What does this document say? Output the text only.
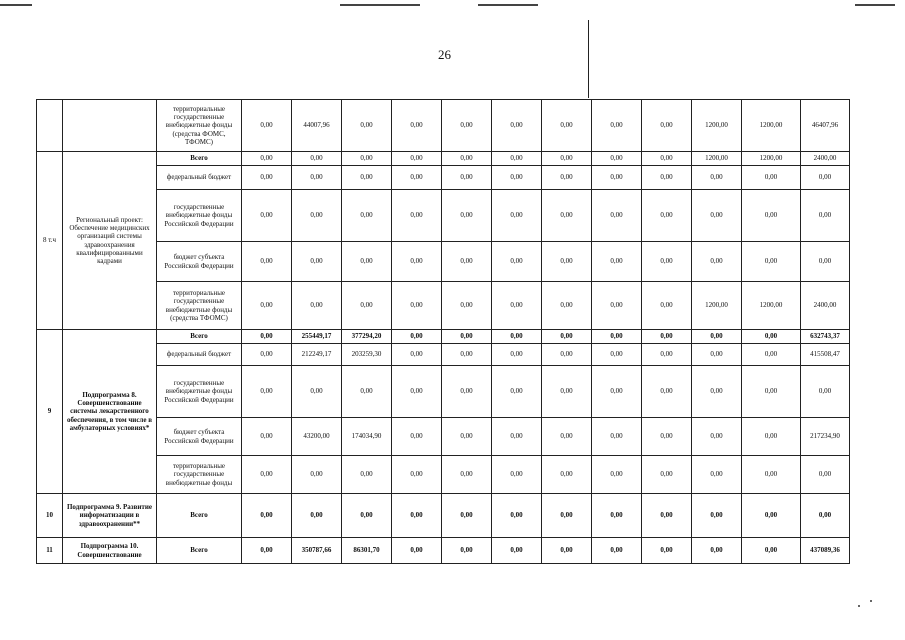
26
		территориальные государственные внебюджетные фонды (средства ФОМС, ТФОМС)	0,00	44007,96	0,00	0,00	0,00	0,00	0,00	0,00	0,00	1200,00	1200,00	46407,96
8 т.ч	Региональный проект: Обеспечение медицинских организаций системы здравоохранения квалифицированными кадрами	Всего	0,00	0,00	0,00	0,00	0,00	0,00	0,00	0,00	0,00	1200,00	1200,00	2400,00
		федеральный бюджет	0,00	0,00	0,00	0,00	0,00	0,00	0,00	0,00	0,00	0,00	0,00	0,00
		государственные внебюджетные фонды Российской Федерации	0,00	0,00	0,00	0,00	0,00	0,00	0,00	0,00	0,00	0,00	0,00	0,00
		бюджет субъекта Российской Федерации	0,00	0,00	0,00	0,00	0,00	0,00	0,00	0,00	0,00	0,00	0,00	0,00
		территориальные государственные внебюджетные фонды (средства ТФОМС)	0,00	0,00	0,00	0,00	0,00	0,00	0,00	0,00	0,00	1200,00	1200,00	2400,00
9	Подпрограмма 8. Совершенствование системы лекарственного обеспечения, в том числе в амбулаторных условиях*	Всего	0,00	255449,17	377294,20	0,00	0,00	0,00	0,00	0,00	0,00	0,00	0,00	632743,37
		федеральный бюджет	0,00	212249,17	203259,30	0,00	0,00	0,00	0,00	0,00	0,00	0,00	0,00	415508,47
		государственные внебюджетные фонды Российской Федерации	0,00	0,00	0,00	0,00	0,00	0,00	0,00	0,00	0,00	0,00	0,00	0,00
		бюджет субъекта Российской Федерации	0,00	43200,00	174034,90	0,00	0,00	0,00	0,00	0,00	0,00	0,00	0,00	217234,90
		территориальные государственные внебюджетные фонды	0,00	0,00	0,00	0,00	0,00	0,00	0,00	0,00	0,00	0,00	0,00	0,00
10	Подпрограмма 9. Развитие информатизации в здравоохранении**	Всего	0,00	0,00	0,00	0,00	0,00	0,00	0,00	0,00	0,00	0,00	0,00	0,00
11	Подпрограмма 10. Совершенствование	Всего	0,00	350787,66	86301,70	0,00	0,00	0,00	0,00	0,00	0,00	0,00	0,00	437089,36
